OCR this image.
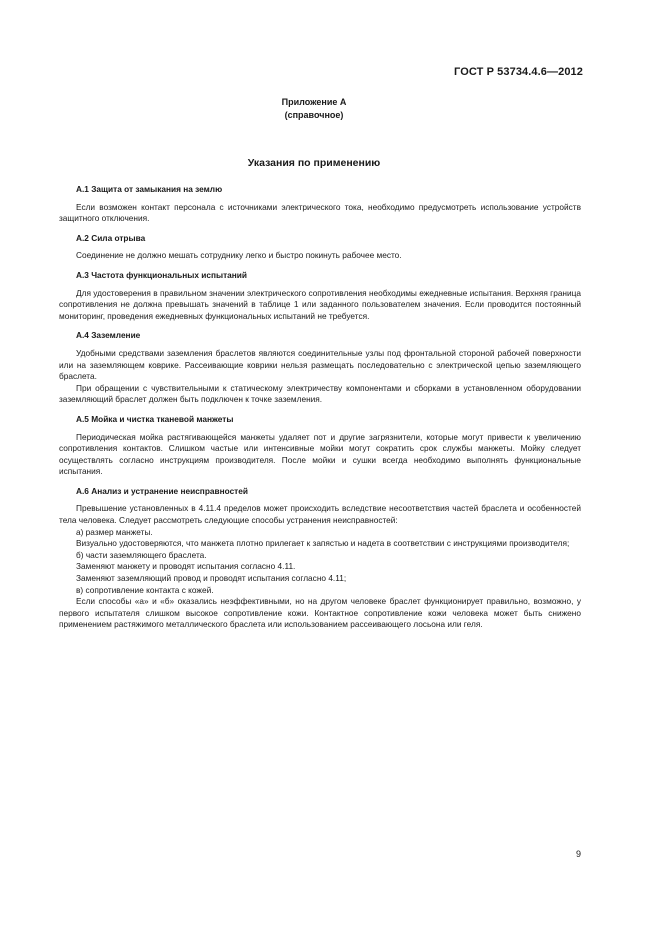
ГОСТ Р 53734.4.6—2012
Приложение А
(справочное)
Указания по применению
А.1 Защита от замыкания на землю

Если возможен контакт персонала с источниками электрического тока, необходимо предусмотреть использование устройств защитного отключения.

А.2 Сила отрыва

Соединение не должно мешать сотруднику легко и быстро покинуть рабочее место.

А.3 Частота функциональных испытаний

Для удостоверения в правильном значении электрического сопротивления необходимы ежедневные испытания. Верхняя граница сопротивления не должна превышать значений в таблице 1 или заданного пользователем значения. Если проводится постоянный мониторинг, проведения ежедневных функциональных испытаний не требуется.

А.4 Заземление

Удобными средствами заземления браслетов являются соединительные узлы под фронтальной стороной рабочей поверхности или на заземляющем коврике. Рассеивающие коврики нельзя размещать последовательно с электрической цепью заземляющего браслета.

При обращении с чувствительными к статическому электричеству компонентами и сборками в установленном оборудовании заземляющий браслет должен быть подключен к точке заземления.

А.5 Мойка и чистка тканевой манжеты

Периодическая мойка растягивающейся манжеты удаляет пот и другие загрязнители, которые могут привести к увеличению сопротивления контактов. Слишком частые или интенсивные мойки могут сократить срок службы манжеты. Мойку следует осуществлять согласно инструкциям производителя. После мойки и сушки всегда необходимо выполнять функциональные испытания.

А.6 Анализ и устранение неисправностей

Превышение установленных в 4.11.4 пределов может происходить вследствие несоответствия частей браслета и особенностей тела человека. Следует рассмотреть следующие способы устранения неисправностей:

а) размер манжеты.

Визуально удостоверяются, что манжета плотно прилегает к запястью и надета в соответствии с инструкциями производителя;

б) части заземляющего браслета.

Заменяют манжету и проводят испытания согласно 4.11.

Заменяют заземляющий провод и проводят испытания согласно 4.11;

в) сопротивление контакта с кожей.

Если способы «а» и «б» оказались неэффективными, но на другом человеке браслет функционирует правильно, возможно, у первого испытателя слишком высокое сопротивление кожи. Контактное сопротивление кожи человека может быть снижено применением растяжимого металлического браслета или использованием рассеивающего лосьона или геля.

9
